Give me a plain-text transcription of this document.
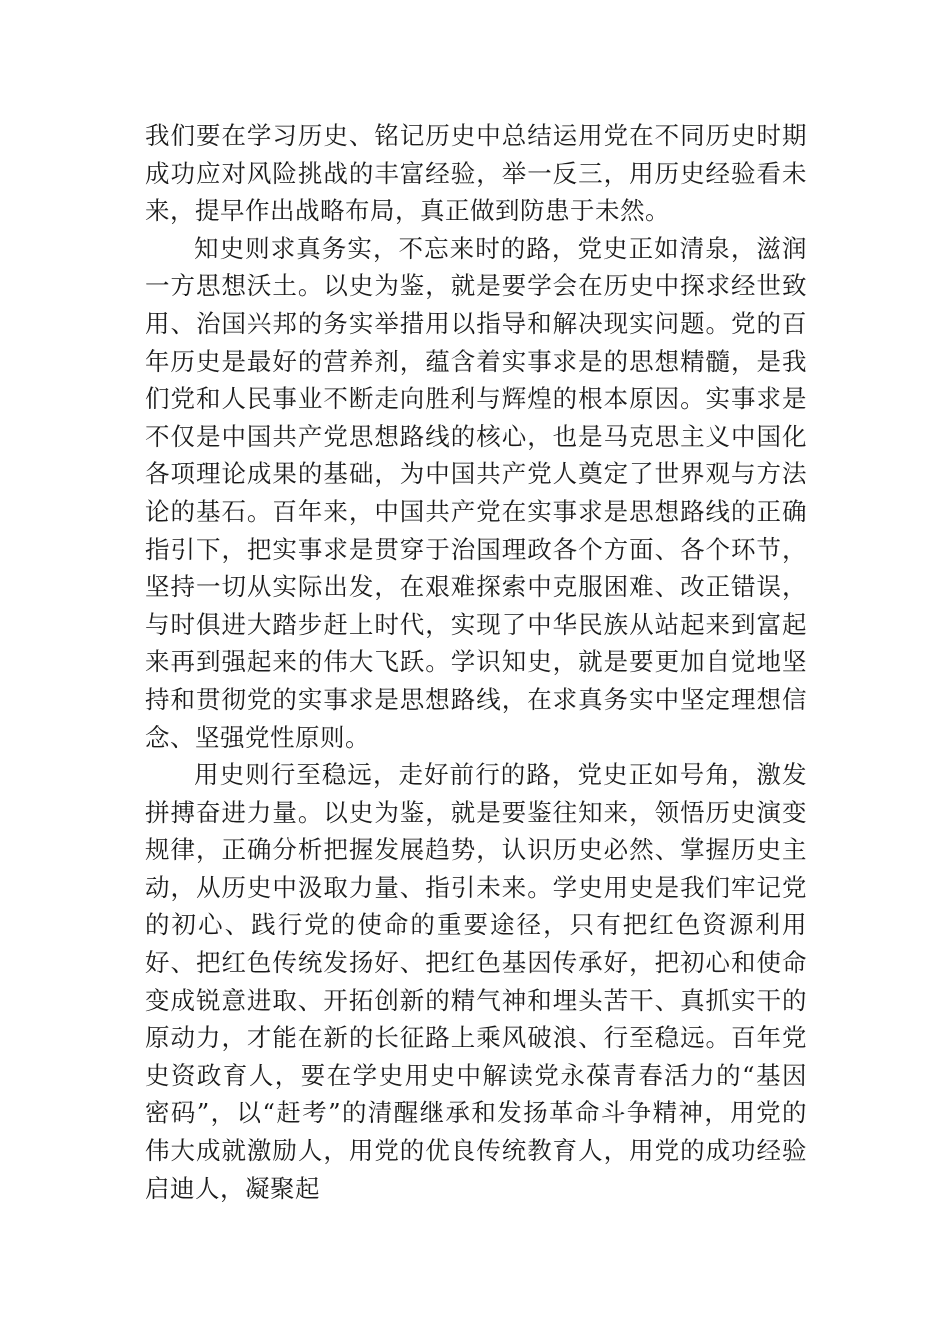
我们要在学习历史、铭记历史中总结运用党在不同历史时期成功应对风险挑战的丰富经验，举一反三，用历史经验看未来，提早作出战略布局，真正做到防患于未然。

知史则求真务实，不忘来时的路，党史正如清泉，滋润一方思想沃土。以史为鉴，就是要学会在历史中探求经世致用、治国兴邦的务实举措用以指导和解决现实问题。党的百年历史是最好的营养剂，蕴含着实事求是的思想精髓，是我们党和人民事业不断走向胜利与辉煌的根本原因。实事求是不仅是中国共产党思想路线的核心，也是马克思主义中国化各项理论成果的基础，为中国共产党人奠定了世界观与方法论的基石。百年来，中国共产党在实事求是思想路线的正确指引下，把实事求是贯穿于治国理政各个方面、各个环节，坚持一切从实际出发，在艰难探索中克服困难、改正错误，与时俱进大踏步赶上时代，实现了中华民族从站起来到富起来再到强起来的伟大飞跃。学识知史，就是要更加自觉地坚持和贯彻党的实事求是思想路线，在求真务实中坚定理想信念、坚强党性原则。

用史则行至稳远，走好前行的路，党史正如号角，激发拼搏奋进力量。以史为鉴，就是要鉴往知来，领悟历史演变规律，正确分析把握发展趋势，认识历史必然、掌握历史主动，从历史中汲取力量、指引未来。学史用史是我们牢记党的初心、践行党的使命的重要途径，只有把红色资源利用好、把红色传统发扬好、把红色基因传承好，把初心和使命变成锐意进取、开拓创新的精气神和埋头苦干、真抓实干的原动力，才能在新的长征路上乘风破浪、行至稳远。百年党史资政育人，要在学史用史中解读党永葆青春活力的“基因密码”，以“赶考”的清醒继承和发扬革命斗争精神，用党的伟大成就激励人，用党的优良传统教育人，用党的成功经验启迪人，凝聚起
